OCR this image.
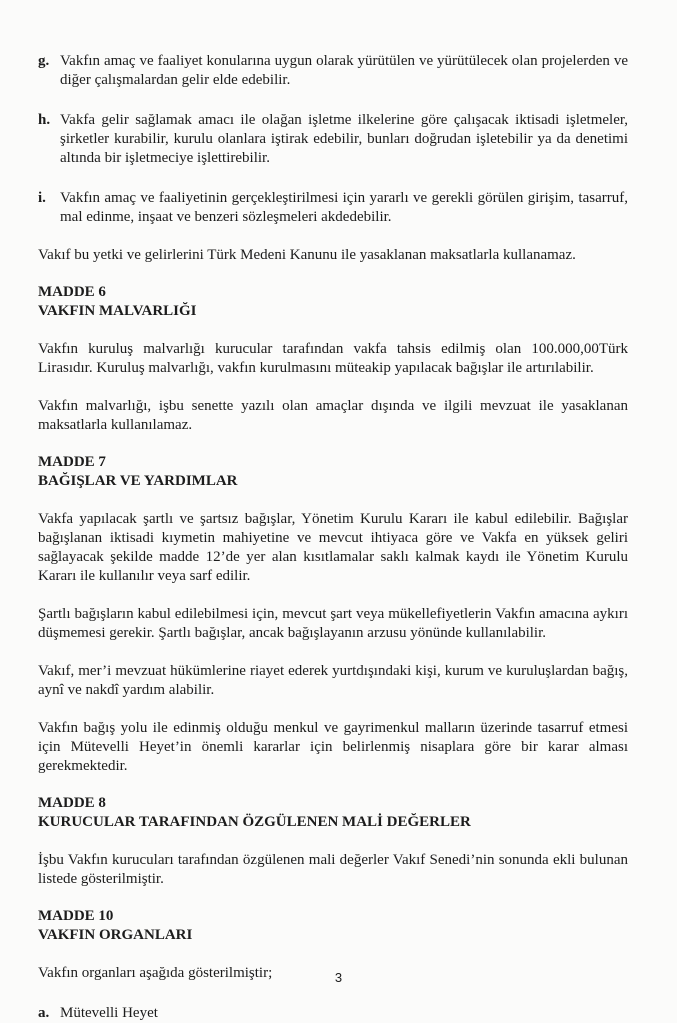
g. Vakfın amaç ve faaliyet konularına uygun olarak yürütülen ve yürütülecek olan projelerden ve diğer çalışmalardan gelir elde edebilir.
h. Vakfa gelir sağlamak amacı ile olağan işletme ilkelerine göre çalışacak iktisadi işletmeler, şirketler kurabilir, kurulu olanlara iştirak edebilir, bunları doğrudan işletebilir ya da denetimi altında bir işletmeciye işlettirebilir.
i. Vakfın amaç ve faaliyetinin gerçekleştirilmesi için yararlı ve gerekli görülen girişim, tasarruf, mal edinme, inşaat ve benzeri sözleşmeleri akdedebilir.

Vakıf bu yetki ve gelirlerini Türk Medeni Kanunu ile yasaklanan maksatlarla kullanamaz.

MADDE 6
VAKFIN MALVARLIĞI

Vakfın kuruluş malvarlığı kurucular tarafından vakfa tahsis edilmiş olan 100.000,00Türk Lirasıdır. Kuruluş malvarlığı, vakfın kurulmasını müteakip yapılacak bağışlar ile artırılabilir.

Vakfın malvarlığı, işbu senette yazılı olan amaçlar dışında ve ilgili mevzuat ile yasaklanan maksatlarla kullanılamaz.

MADDE 7
BAĞIŞLAR VE YARDIMLAR

Vakfa yapılacak şartlı ve şartsız bağışlar, Yönetim Kurulu Kararı ile kabul edilebilir. Bağışlar bağışlanan iktisadi kıymetin mahiyetine ve mevcut ihtiyaca göre ve Vakfa en yüksek geliri sağlayacak şekilde madde 12’de yer alan kısıtlamalar saklı kalmak kaydı ile Yönetim Kurulu Kararı ile kullanılır veya sarf edilir.

Şartlı bağışların kabul edilebilmesi için, mevcut şart veya mükellefiyetlerin Vakfın amacına aykırı düşmemesi gerekir. Şartlı bağışlar, ancak bağışlayanın arzusu yönünde kullanılabilir.

Vakıf, mer’i mevzuat hükümlerine riayet ederek yurtdışındaki kişi, kurum ve kuruluşlardan bağış, aynî ve nakdî yardım alabilir.

Vakfın bağış yolu ile edinmiş olduğu menkul ve gayrimenkul malların üzerinde tasarruf etmesi için Mütevelli Heyet’in önemli kararlar için belirlenmiş nisaplara göre bir karar alması gerekmektedir.

MADDE 8
KURUCULAR TARAFINDAN ÖZGÜLENEN MALİ DEĞERLER

İşbu Vakfın kurucuları tarafından özgülenen mali değerler Vakıf Senedi’nin sonunda ekli bulunan listede gösterilmiştir.

MADDE 10
VAKFIN ORGANLARI

Vakfın organları aşağıda gösterilmiştir;

a. Mütevelli Heyet
3
